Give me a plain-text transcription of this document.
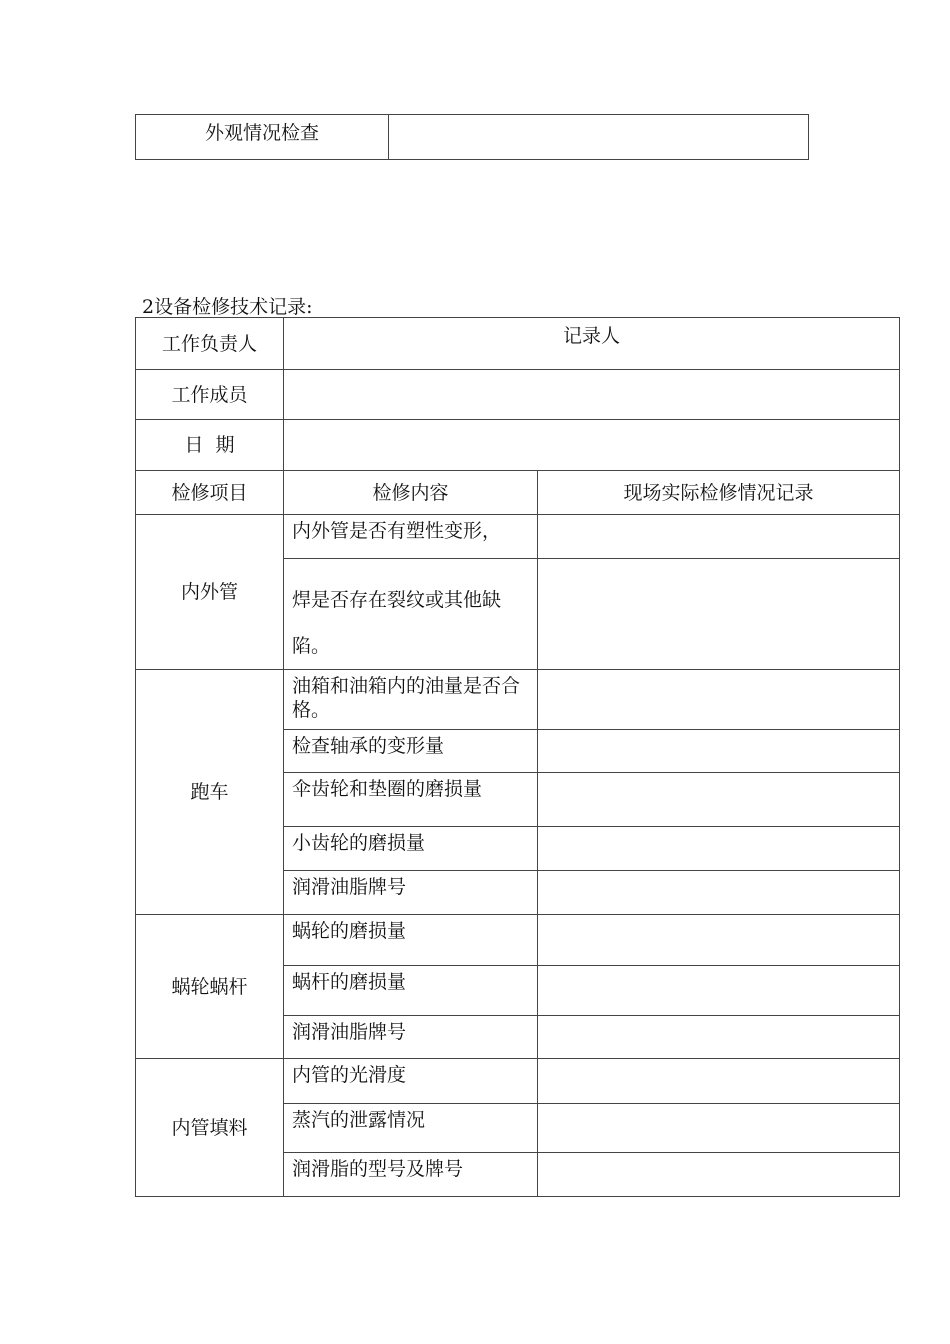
外观情况检查	

2设备检修技术记录:

工作负责人	记录人	
工作成员		
日  期		
检修项目	检修内容	现场实际检修情况记录
内外管	内外管是否有塑性变形，	
	焊是否存在裂纹或其他缺陷。	
跑车	油箱和油箱内的油量是否合格。	
	检查轴承的变形量	
	伞齿轮和垫圈的磨损量	
	小齿轮的磨损量	
	润滑油脂牌号	
蜗轮蜗杆	蜗轮的磨损量	
	蜗杆的磨损量	
	润滑油脂牌号	
内管填料	内管的光滑度	
	蒸汽的泄露情况	
	润滑脂的型号及牌号	
